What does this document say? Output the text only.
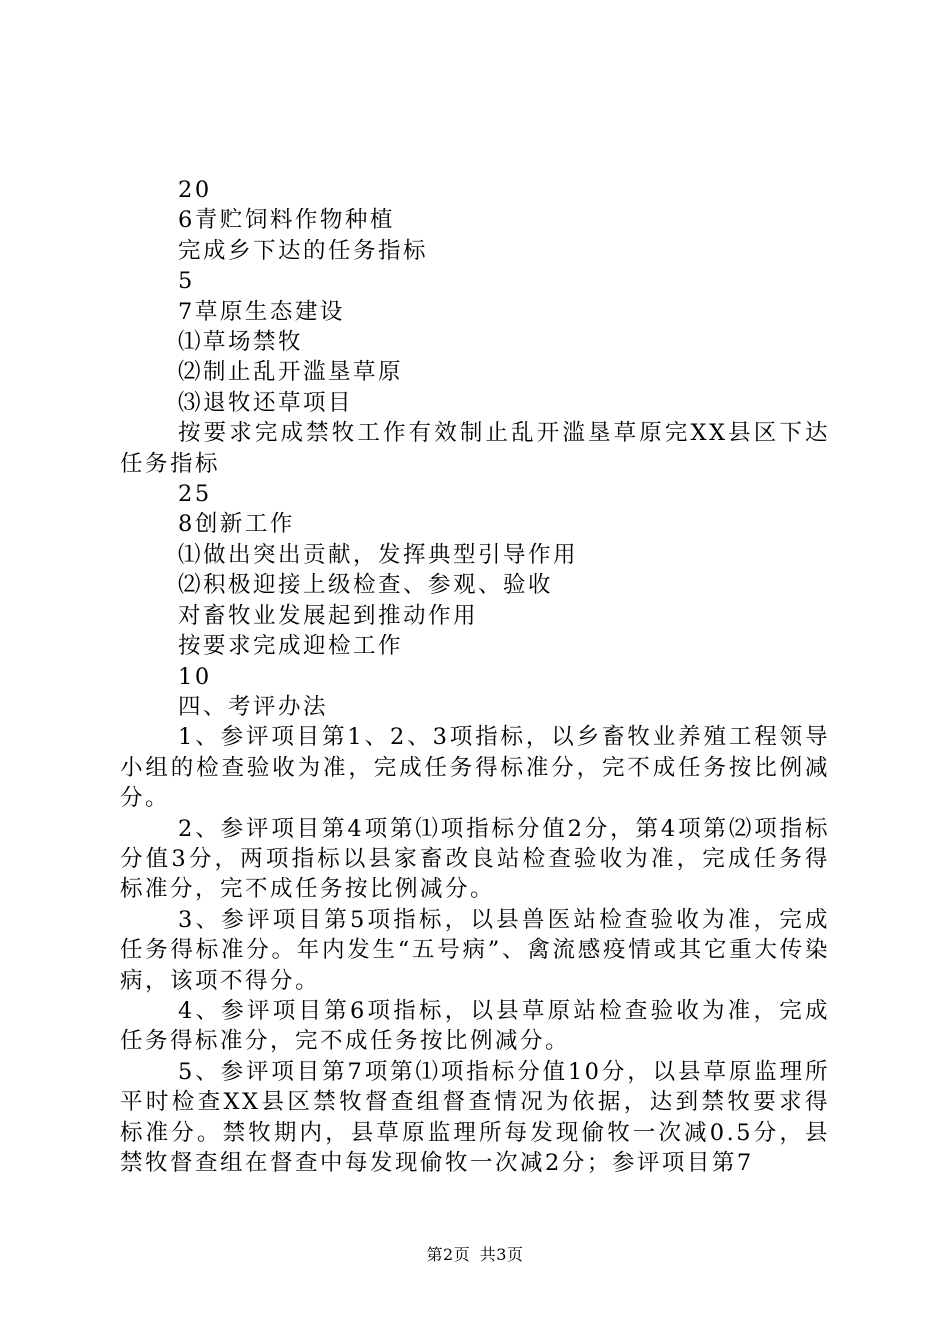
20

6青贮饲料作物种植

完成乡下达的任务指标

5

7草原生态建设

⑴草场禁牧

⑵制止乱开滥垦草原

⑶退牧还草项目

按要求完成禁牧工作有效制止乱开滥垦草原完XX县区下达任务指标

25

8创新工作

⑴做出突出贡献，发挥典型引导作用

⑵积极迎接上级检查、参观、验收

对畜牧业发展起到推动作用

按要求完成迎检工作

10

四、考评办法

1、参评项目第1、2、3项指标，以乡畜牧业养殖工程领导小组的检查验收为准，完成任务得标准分，完不成任务按比例减分。

2、参评项目第4项第⑴项指标分值2分，第4项第⑵项指标分值3分，两项指标以县家畜改良站检查验收为准，完成任务得标准分，完不成任务按比例减分。

3、参评项目第5项指标，以县兽医站检查验收为准，完成任务得标准分。年内发生“五号病”、禽流感疫情或其它重大传染病，该项不得分。

4、参评项目第6项指标，以县草原站检查验收为准，完成任务得标准分，完不成任务按比例减分。

5、参评项目第7项第⑴项指标分值10分，以县草原监理所平时检查XX县区禁牧督查组督查情况为依据，达到禁牧要求得标准分。禁牧期内，县草原监理所每发现偷牧一次减0.5分，县禁牧督查组在督查中每发现偷牧一次减2分；参评项目第7

第2页 共3页
